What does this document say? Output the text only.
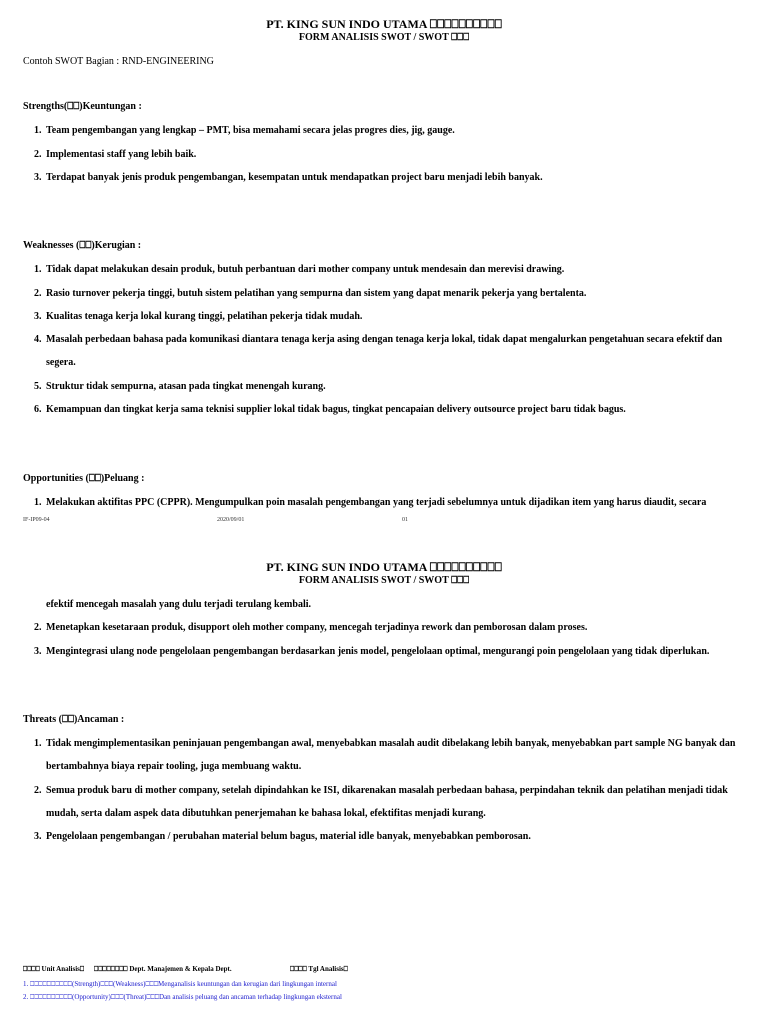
PT. KING SUN INDO UTAMA ⎕⎕⎕⎕⎕⎕⎕⎕⎕⎕
FORM ANALISIS SWOT / SWOT ⎕⎕⎕
Contoh SWOT Bagian : RND-ENGINEERING
Strengths(⎕⎕)Keuntungan :
1. Team pengembangan yang lengkap – PMT, bisa memahami secara jelas progres dies, jig, gauge.
2. Implementasi staff yang lebih baik.
3. Terdapat banyak jenis produk pengembangan, kesempatan untuk mendapatkan project baru menjadi lebih banyak.
Weaknesses (⎕⎕)Kerugian :
1. Tidak dapat melakukan desain produk, butuh perbantuan dari mother company untuk mendesain dan merevisi drawing.
2. Rasio turnover pekerja tinggi, butuh sistem pelatihan yang sempurna dan sistem yang dapat menarik pekerja yang bertalenta.
3. Kualitas tenaga kerja lokal kurang tinggi, pelatihan pekerja tidak mudah.
4. Masalah perbedaan bahasa pada komunikasi diantara tenaga kerja asing dengan tenaga kerja lokal, tidak dapat mengalurkan pengetahuan secara efektif dan segera.
5. Struktur tidak sempurna, atasan pada tingkat menengah kurang.
6. Kemampuan dan tingkat kerja sama teknisi supplier lokal tidak bagus, tingkat pencapaian delivery outsource project baru tidak bagus.
Opportunities (⎕⎕)Peluang :
1. Melakukan aktifitas PPC (CPPR). Mengumpulkan poin masalah pengembangan yang terjadi sebelumnya untuk dijadikan item yang harus diaudit, secara
IF-IP09-04	2020/09/01	01
PT. KING SUN INDO UTAMA ⎕⎕⎕⎕⎕⎕⎕⎕⎕⎕
FORM ANALISIS SWOT / SWOT ⎕⎕⎕
efektif mencegah masalah yang dulu terjadi terulang kembali.
2. Menetapkan kesetaraan produk, disupport oleh mother company, mencegah terjadinya rework dan pemborosan dalam proses.
3. Mengintegrasi ulang node pengelolaan pengembangan berdasarkan jenis model, pengelolaan optimal, mengurangi poin pengelolaan yang tidak diperlukan.
Threats (⎕⎕)Ancaman :
1. Tidak mengimplementasikan peninjauan pengembangan awal, menyebabkan masalah audit dibelakang lebih banyak, menyebabkan part sample NG banyak dan bertambahnya biaya repair tooling, juga membuang waktu.
2. Semua produk baru di mother company, setelah dipindahkan ke ISI, dikarenakan masalah perbedaan bahasa, perpindahan teknik dan pelatihan menjadi tidak mudah, serta dalam aspek data dibutuhkan penerjemahan ke bahasa lokal, efektifitas menjadi kurang.
3. Pengelolaan pengembangan / perubahan material belum bagus, material idle banyak, menyebabkan pemborosan.
⎕⎕⎕⎕ Unit Analisis⎕ ⎕⎕⎕⎕⎕⎕⎕⎕ Dept. Manajemen & Kepala Dept.	⎕⎕⎕⎕ Tgl Analisis⎕
1. ⎕⎕⎕⎕⎕⎕⎕⎕⎕⎕(Strength)⎕⎕⎕(Weakness)⎕⎕⎕Menganalisis keuntungan dan kerugian dari lingkungan internal
2. ⎕⎕⎕⎕⎕⎕⎕⎕⎕⎕(Opportunity)⎕⎕⎕(Threat)⎕⎕⎕Dan analisis peluang dan ancaman terhadap lingkungan eksternal
